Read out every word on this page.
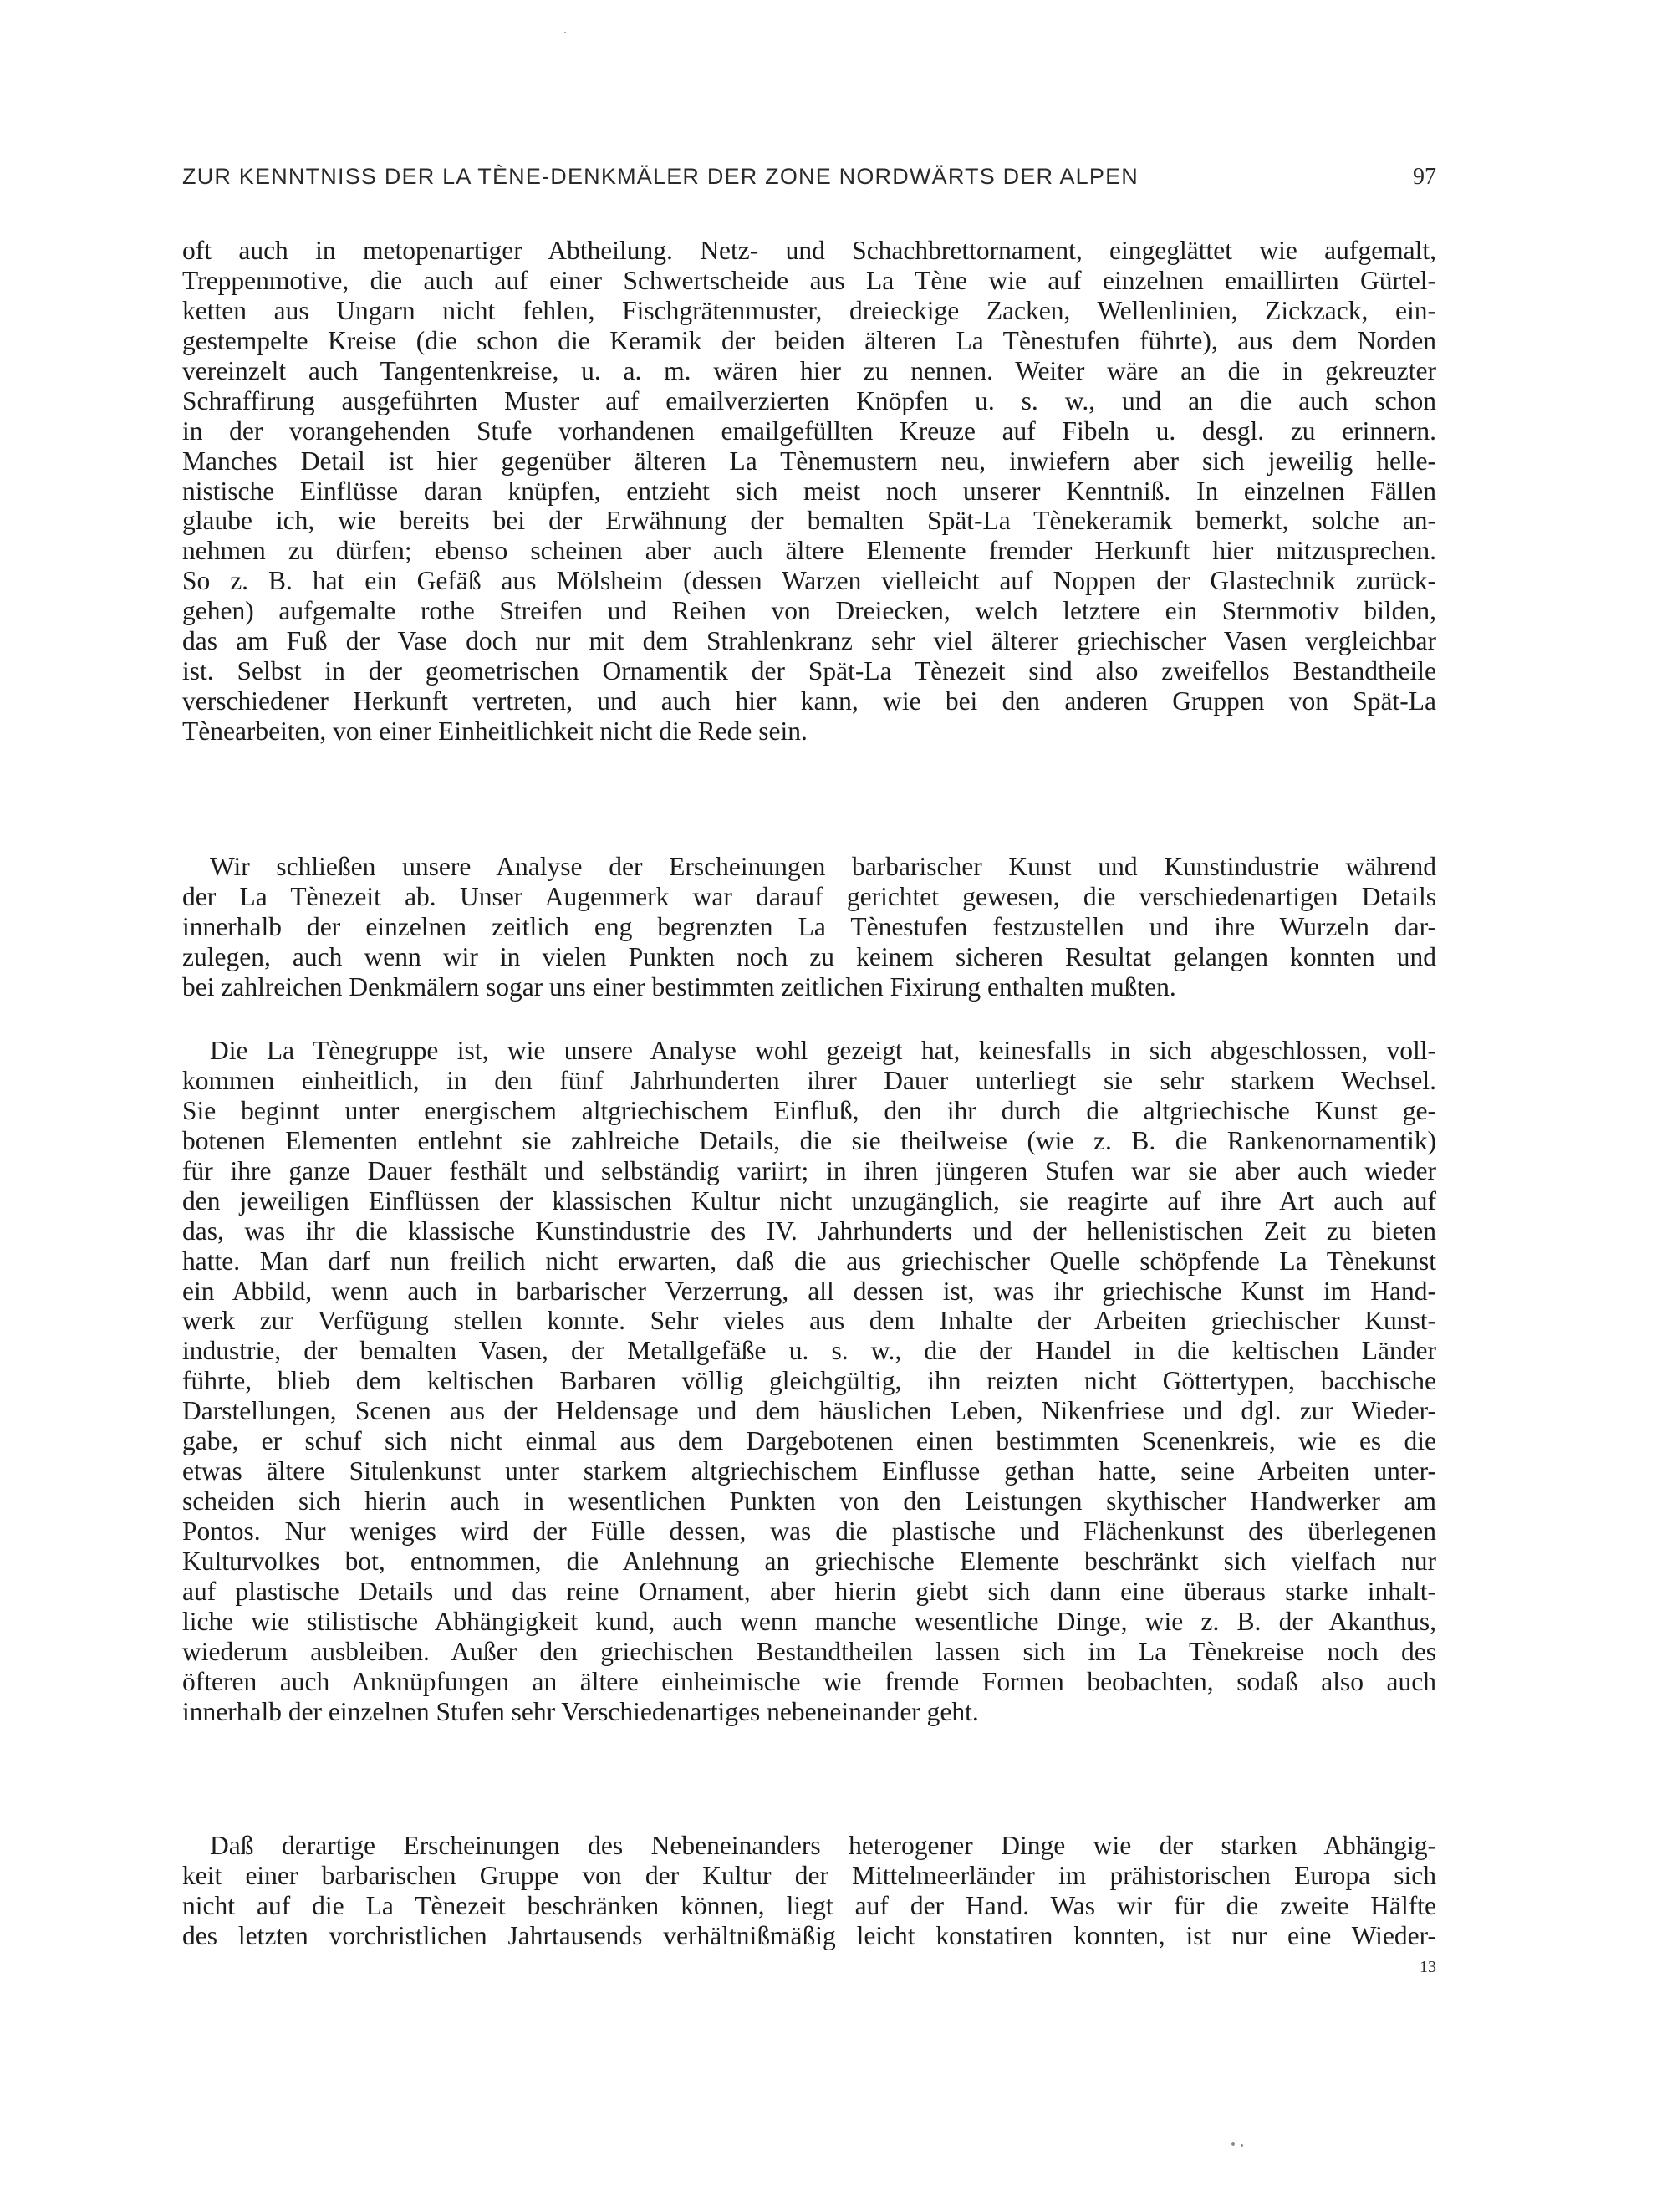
ZUR KENNTNISS DER LA TÈNE-DENKMÄLER DER ZONE NORDWÄRTS DER ALPEN	97
oft auch in metopenartiger Abtheilung. Netz- und Schachbrettornament, eingeglättet wie aufgemalt,
Treppenmotive, die auch auf einer Schwertscheide aus La Tène wie auf einzelnen emaillirten Gürtel-
ketten aus Ungarn nicht fehlen, Fischgrätenmuster, dreieckige Zacken, Wellenlinien, Zickzack, ein-
gestempelte Kreise (die schon die Keramik der beiden älteren La Tènestufen führte), aus dem Norden
vereinzelt auch Tangentenkreise, u. a. m. wären hier zu nennen. Weiter wäre an die in gekreuzter
Schraffirung ausgeführten Muster auf emailverzierten Knöpfen u. s. w., und an die auch schon
in der vorangehenden Stufe vorhandenen emailgefüllten Kreuze auf Fibeln u. desgl. zu erinnern.
Manches Detail ist hier gegenüber älteren La Tènemustern neu, inwiefern aber sich jeweilig helle-
nistische Einflüsse daran knüpfen, entzieht sich meist noch unserer Kenntniß. In einzelnen Fällen
glaube ich, wie bereits bei der Erwähnung der bemalten Spät-La Tènekeramik bemerkt, solche an-
nehmen zu dürfen; ebenso scheinen aber auch ältere Elemente fremder Herkunft hier mitzusprechen.
So z. B. hat ein Gefäß aus Mölsheim (dessen Warzen vielleicht auf Noppen der Glastechnik zurück-
gehen) aufgemalte rothe Streifen und Reihen von Dreiecken, welch letztere ein Sternmotiv bilden,
das am Fuß der Vase doch nur mit dem Strahlenkranz sehr viel älterer griechischer Vasen vergleichbar
ist. Selbst in der geometrischen Ornamentik der Spät-La Tènezeit sind also zweifellos Bestandtheile
verschiedener Herkunft vertreten, und auch hier kann, wie bei den anderen Gruppen von Spät-La
Tènearbeiten, von einer Einheitlichkeit nicht die Rede sein.
Wir schließen unsere Analyse der Erscheinungen barbarischer Kunst und Kunstindustrie während
der La Tènezeit ab. Unser Augenmerk war darauf gerichtet gewesen, die verschiedenartigen Details
innerhalb der einzelnen zeitlich eng begrenzten La Tènestufen festzustellen und ihre Wurzeln dar-
zulegen, auch wenn wir in vielen Punkten noch zu keinem sicheren Resultat gelangen konnten und
bei zahlreichen Denkmälern sogar uns einer bestimmten zeitlichen Fixirung enthalten mußten.
Die La Tènegruppe ist, wie unsere Analyse wohl gezeigt hat, keinesfalls in sich abgeschlossen, voll-
kommen einheitlich, in den fünf Jahrhunderten ihrer Dauer unterliegt sie sehr starkem Wechsel.
Sie beginnt unter energischem altgriechischem Einfluß, den ihr durch die altgriechische Kunst ge-
botenen Elementen entlehnt sie zahlreiche Details, die sie theilweise (wie z. B. die Rankenornamentik)
für ihre ganze Dauer festhält und selbständig variirt; in ihren jüngeren Stufen war sie aber auch wieder
den jeweiligen Einflüssen der klassischen Kultur nicht unzugänglich, sie reagirte auf ihre Art auch auf
das, was ihr die klassische Kunstindustrie des IV. Jahrhunderts und der hellenistischen Zeit zu bieten
hatte. Man darf nun freilich nicht erwarten, daß die aus griechischer Quelle schöpfende La Tènekunst
ein Abbild, wenn auch in barbarischer Verzerrung, all dessen ist, was ihr griechische Kunst im Hand-
werk zur Verfügung stellen konnte. Sehr vieles aus dem Inhalte der Arbeiten griechischer Kunst-
industrie, der bemalten Vasen, der Metallgefäße u. s. w., die der Handel in die keltischen Länder
führte, blieb dem keltischen Barbaren völlig gleichgültig, ihn reizten nicht Göttertypen, bacchische
Darstellungen, Scenen aus der Heldensage und dem häuslichen Leben, Nikenfriese und dgl. zur Wieder-
gabe, er schuf sich nicht einmal aus dem Dargebotenen einen bestimmten Scenenkreis, wie es die
etwas ältere Situlenkunst unter starkem altgriechischem Einflusse gethan hatte, seine Arbeiten unter-
scheiden sich hierin auch in wesentlichen Punkten von den Leistungen skythischer Handwerker am
Pontos. Nur weniges wird der Fülle dessen, was die plastische und Flächenkunst des überlegenen
Kulturvolkes bot, entnommen, die Anlehnung an griechische Elemente beschränkt sich vielfach nur
auf plastische Details und das reine Ornament, aber hierin giebt sich dann eine überaus starke inhalt-
liche wie stilistische Abhängigkeit kund, auch wenn manche wesentliche Dinge, wie z. B. der Akanthus,
wiederum ausbleiben. Außer den griechischen Bestandtheilen lassen sich im La Tènekreise noch des
öfteren auch Anknüpfungen an ältere einheimische wie fremde Formen beobachten, sodaß also auch
innerhalb der einzelnen Stufen sehr Verschiedenartiges nebeneinander geht.
Daß derartige Erscheinungen des Nebeneinanders heterogener Dinge wie der starken Abhängig-
keit einer barbarischen Gruppe von der Kultur der Mittelmeerländer im prähistorischen Europa sich
nicht auf die La Tènezeit beschränken können, liegt auf der Hand. Was wir für die zweite Hälfte
des letzten vorchristlichen Jahrtausends verhältnißmäßig leicht konstatiren konnten, ist nur eine Wieder-
13
